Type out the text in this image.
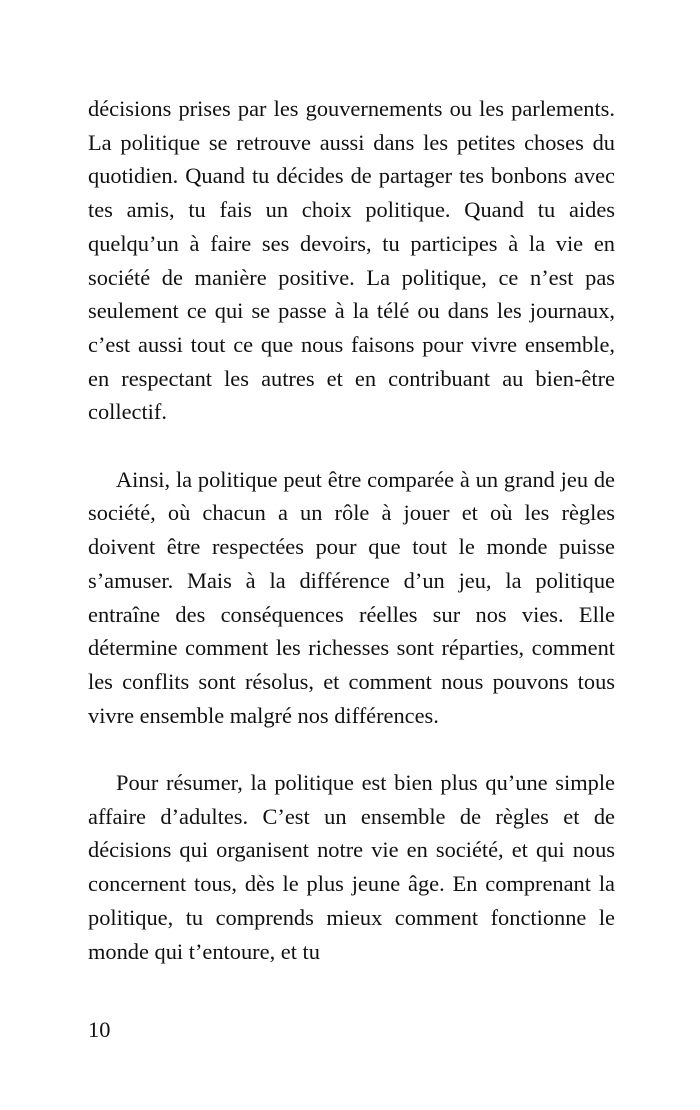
décisions prises par les gouvernements ou les parlements. La politique se retrouve aussi dans les petites choses du quotidien. Quand tu décides de partager tes bonbons avec tes amis, tu fais un choix politique. Quand tu aides quelqu’un à faire ses devoirs, tu participes à la vie en société de manière positive. La politique, ce n’est pas seulement ce qui se passe à la télé ou dans les journaux, c’est aussi tout ce que nous faisons pour vivre ensemble, en respectant les autres et en contribuant au bien-être collectif.

Ainsi, la politique peut être comparée à un grand jeu de société, où chacun a un rôle à jouer et où les règles doivent être respectées pour que tout le monde puisse s’amuser. Mais à la différence d’un jeu, la politique entraîne des conséquences réelles sur nos vies. Elle détermine comment les richesses sont réparties, comment les conflits sont résolus, et comment nous pouvons tous vivre ensemble malgré nos différences.

Pour résumer, la politique est bien plus qu’une simple affaire d’adultes. C’est un ensemble de règles et de décisions qui organisent notre vie en société, et qui nous concernent tous, dès le plus jeune âge. En comprenant la politique, tu comprends mieux comment fonctionne le monde qui t’entoure, et tu

10
